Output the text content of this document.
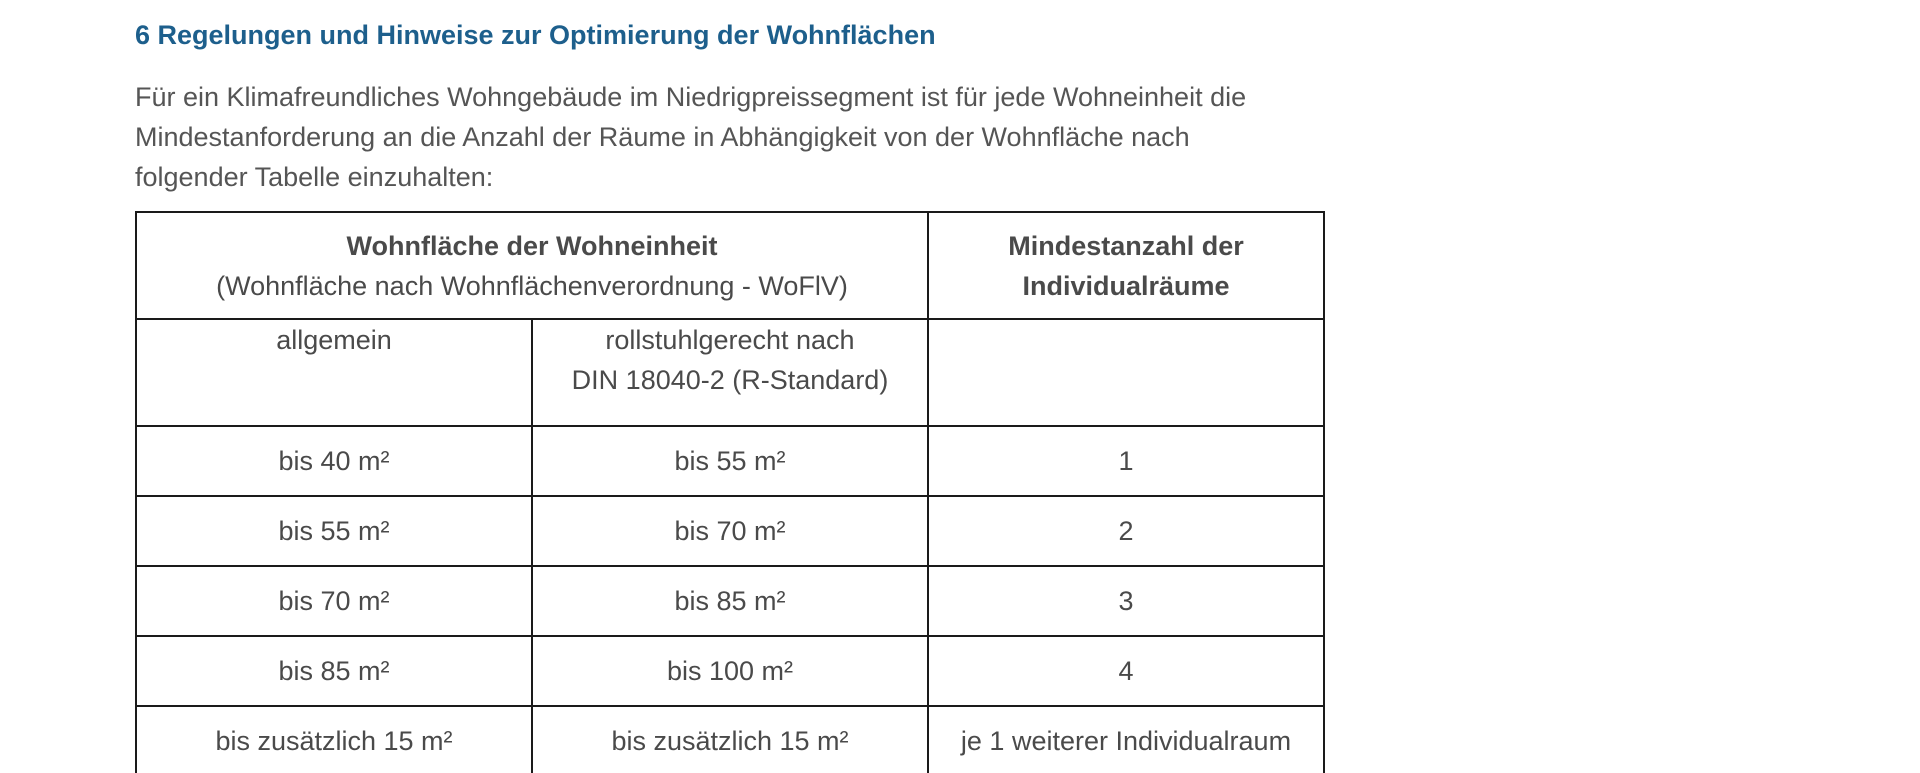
6 Regelungen und Hinweise zur Optimierung der Wohnflächen

Für ein Klimafreundliches Wohngebäude im Niedrigpreissegment ist für jede Wohneinheit die
Mindestanforderung an die Anzahl der Räume in Abhängigkeit von der Wohnfläche nach
folgender Tabelle einzuhalten:

Wohnfläche der Wohneinheit
(Wohnfläche nach Wohnflächenverordnung - WoFlV)		Mindestanzahl der
Individualräume

allgemein	rollstuhlgerecht nach
DIN 18040-2 (R-Standard)	

bis 40 m²	bis 55 m²	1
bis 55 m²	bis 70 m²	2
bis 70 m²	bis 85 m²	3
bis 85 m²	bis 100 m²	4
bis zusätzlich 15 m²	bis zusätzlich 15 m²	je 1 weiterer Individualraum
